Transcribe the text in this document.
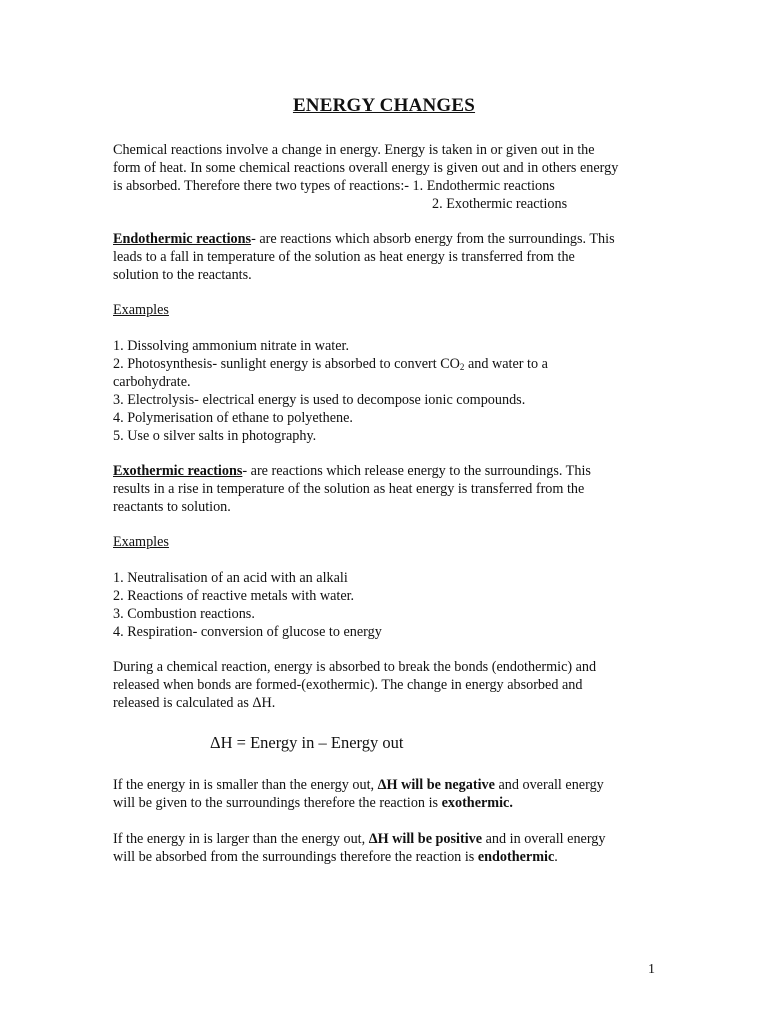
ENERGY CHANGES
Chemical reactions involve a change in energy. Energy is taken in or given out in the
form of heat. In some chemical reactions overall energy is given out and in others energy
is absorbed. Therefore there two types of reactions:- 1. Endothermic reactions
2. Exothermic reactions
Endothermic reactions- are reactions which absorb energy from the surroundings. This
leads to a fall in temperature of the solution as heat energy is transferred from the
solution to the reactants.
Examples
1. Dissolving ammonium nitrate in water.
2. Photosynthesis- sunlight energy is absorbed to convert $CO_2$ and water to a
carbohydrate.
3. Electrolysis- electrical energy is used to decompose ionic compounds.
4. Polymerisation of ethane to polyethene.
5. Use o silver salts in photography.
Exothermic reactions- are reactions which release energy to the surroundings. This
results in a rise in temperature of the solution as heat energy is transferred from the
reactants to solution.
Examples
1. Neutralisation of an acid with an alkali
2. Reactions of reactive metals with water.
3. Combustion reactions.
4. Respiration- conversion of glucose to energy
During a chemical reaction, energy is absorbed to break the bonds (endothermic) and
released when bonds are formed-(exothermic). The change in energy absorbed and
released is calculated as ΔH.
ΔH = Energy in – Energy out
If the energy in is smaller than the energy out, ΔH will be negative and overall energy
will be given to the surroundings therefore the reaction is exothermic.
If the energy in is larger than the energy out, ΔH will be positive and in overall energy
will be absorbed from the surroundings therefore the reaction is endothermic.
1
